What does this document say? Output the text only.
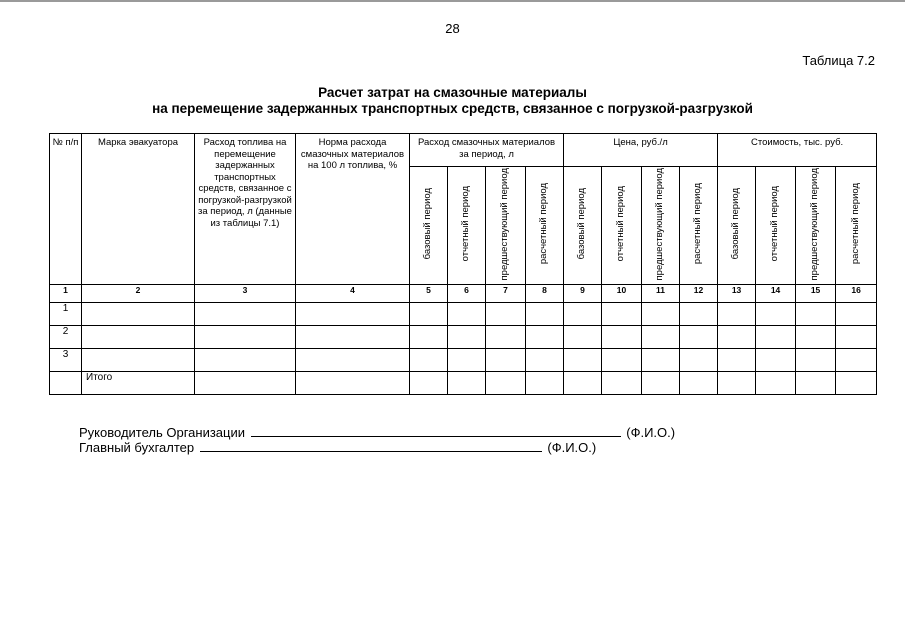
28
Таблица 7.2
Расчет затрат на смазочные материалы
на перемещение задержанных транспортных средств, связанное с погрузкой-разгрузкой
№ п/п	Марка эвакуатора	Расход топлива на перемещение задержанных транспортных средств, связанное с погрузкой-разгрузкой за период, л (данные из таблицы 7.1)	Норма расхода смазочных материалов на 100 л топлива, %	Расход смазочных материалов за период, л				Цена, руб./л				Стоимость, тыс. руб.			
				базовый период	отчетный период	предшествующий период	расчетный период	базовый период	отчетный период	предшествующий период	расчетный период	базовый период	отчетный период	предшествующий период	расчетный период
1	2	3	4	5	6	7	8	9	10	11	12	13	14	15	16
1															
2															
3															
	Итого														
Руководитель Организации	(Ф.И.О.)
Главный бухгалтер	(Ф.И.О.)
